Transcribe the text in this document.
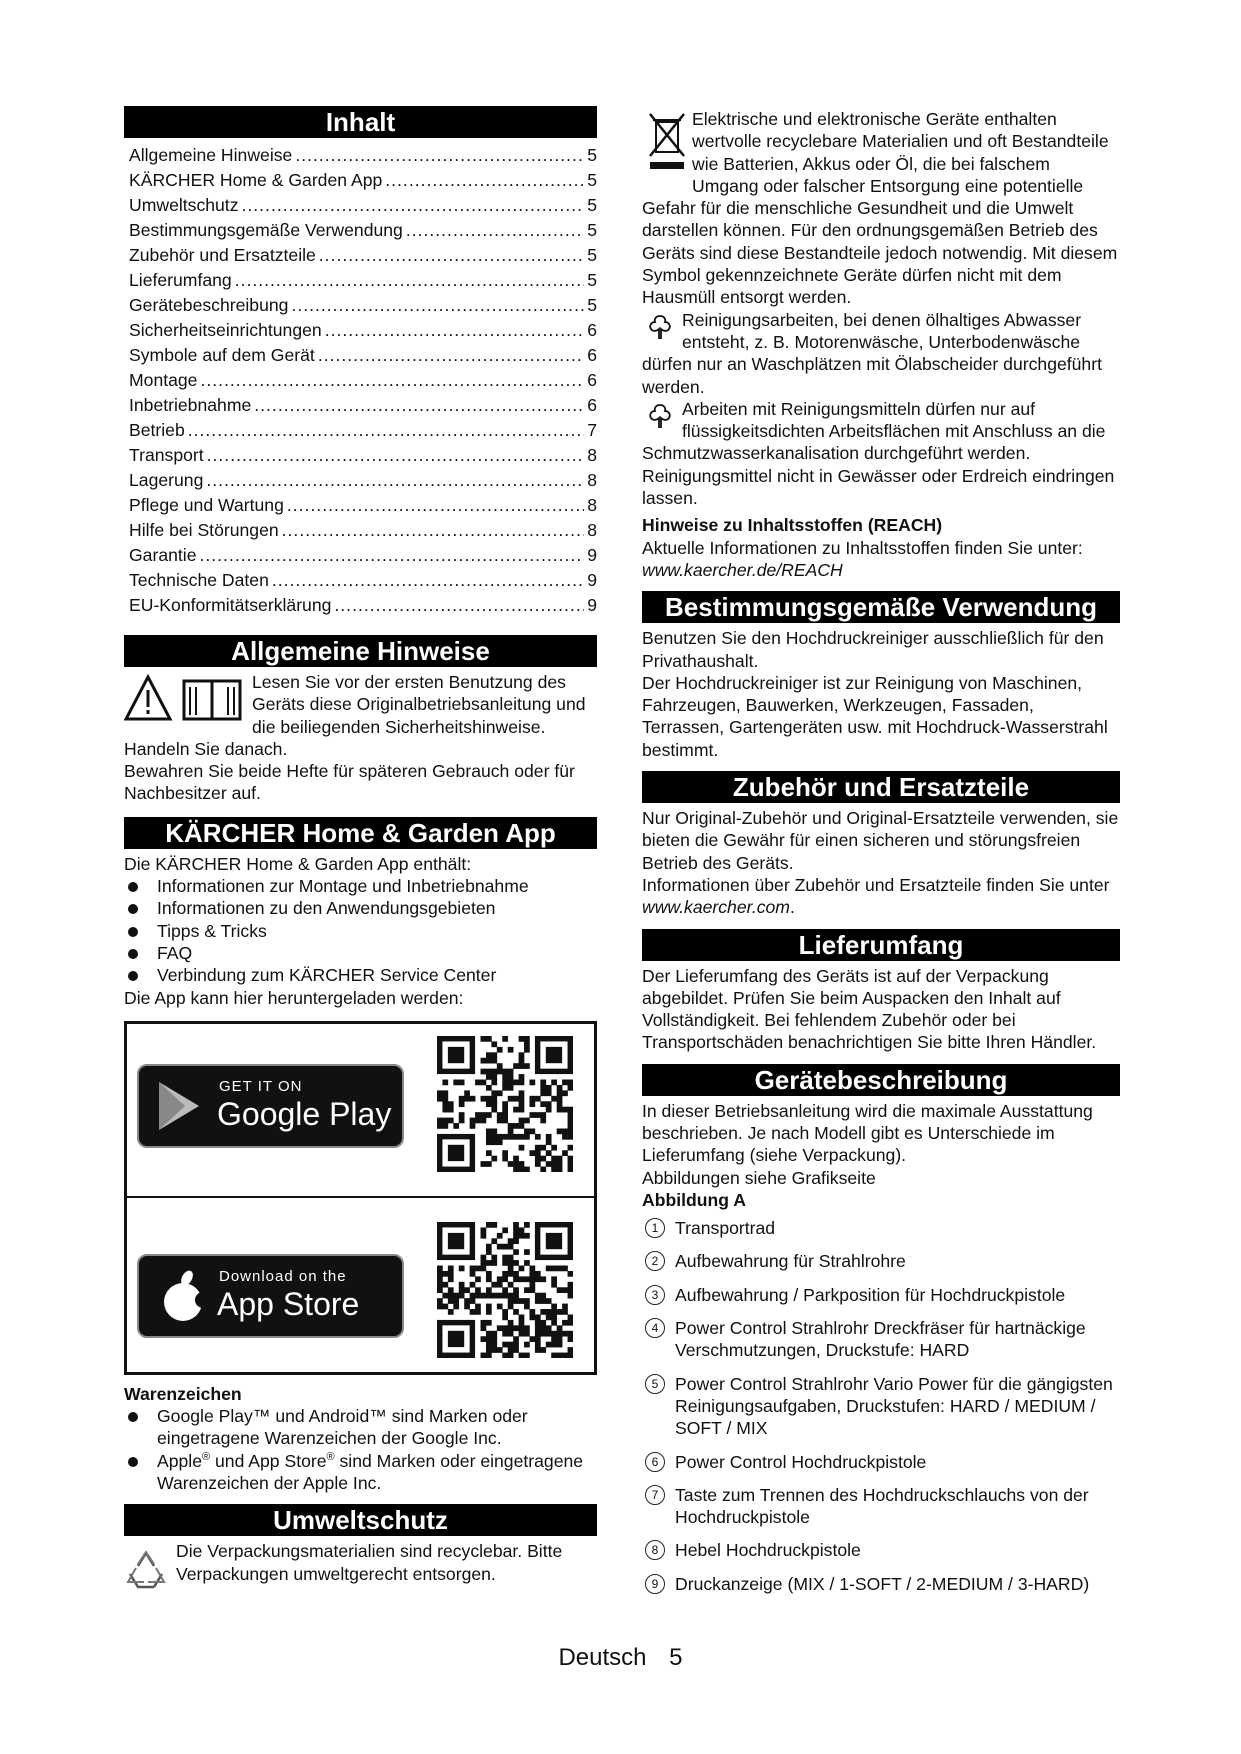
Inhalt
Allgemeine Hinweise .....	5
KÄRCHER Home & Garden App .....	5
Umweltschutz .....	5
Bestimmungsgemäße Verwendung .....	5
Zubehör und Ersatzteile .....	5
Lieferumfang .....	5
Gerätebeschreibung .....	5
Sicherheitseinrichtungen .....	6
Symbole auf dem Gerät .....	6
Montage .....	6
Inbetriebnahme .....	6
Betrieb .....	7
Transport .....	8
Lagerung .....	8
Pflege und Wartung .....	8
Hilfe bei Störungen .....	8
Garantie .....	9
Technische Daten .....	9
EU-Konformitätserklärung .....	9
Allgemeine Hinweise

Lesen Sie vor der ersten Benutzung des Geräts diese Originalbetriebsanleitung und die beiliegenden Sicherheitshinweise. Handeln Sie danach.

Bewahren Sie beide Hefte für späteren Gebrauch oder für Nachbesitzer auf.

KÄRCHER Home & Garden App

Die KÄRCHER Home & Garden App enthält:

Informationen zur Montage und Inbetriebnahme
Informationen zu den Anwendungsgebieten
Tipps & Tricks
FAQ
Verbindung zum KÄRCHER Service Center

Die App kann hier heruntergeladen werden:

GET IT ON
Google Play
Download on the
App Store

Warenzeichen

Google Play™ und Android™ sind Marken oder eingetragene Warenzeichen der Google Inc.
Apple® und App Store® sind Marken oder eingetragene Warenzeichen der Apple Inc.
Umweltschutz

Die Verpackungsmaterialien sind recyclebar. Bitte Verpackungen umweltgerecht entsorgen.

Elektrische und elektronische Geräte enthalten wertvolle recyclebare Materialien und oft Bestandteile wie Batterien, Akkus oder Öl, die bei falschem Umgang oder falscher Entsorgung eine potentielle Gefahr für die menschliche Gesundheit und die Umwelt darstellen können. Für den ordnungsgemäßen Betrieb des Geräts sind diese Bestandteile jedoch notwendig. Mit diesem Symbol gekennzeichnete Geräte dürfen nicht mit dem Hausmüll entsorgt werden.

Reinigungsarbeiten, bei denen ölhaltiges Abwasser entsteht, z. B. Motorenwäsche, Unterbodenwäsche dürfen nur an Waschplätzen mit Ölabscheider durchgeführt werden.

Arbeiten mit Reinigungsmitteln dürfen nur auf flüssigkeitsdichten Arbeitsflächen mit Anschluss an die Schmutzwasserkanalisation durchgeführt werden. Reinigungsmittel nicht in Gewässer oder Erdreich eindringen lassen.

Hinweise zu Inhaltsstoffen (REACH)

Aktuelle Informationen zu Inhaltsstoffen finden Sie unter: www.kaercher.de/REACH

Bestimmungsgemäße Verwendung

Benutzen Sie den Hochdruckreiniger ausschließlich für den Privathaushalt.

Der Hochdruckreiniger ist zur Reinigung von Maschinen, Fahrzeugen, Bauwerken, Werkzeugen, Fassaden, Terrassen, Gartengeräten usw. mit Hochdruck-Wasserstrahl bestimmt.

Zubehör und Ersatzteile

Nur Original-Zubehör und Original-Ersatzteile verwenden, sie bieten die Gewähr für einen sicheren und störungsfreien Betrieb des Geräts.

Informationen über Zubehör und Ersatzteile finden Sie unter www.kaercher.com.

Lieferumfang

Der Lieferumfang des Geräts ist auf der Verpackung abgebildet. Prüfen Sie beim Auspacken den Inhalt auf Vollständigkeit. Bei fehlendem Zubehör oder bei Transportschäden benachrichtigen Sie bitte Ihren Händler.

Gerätebeschreibung

In dieser Betriebsanleitung wird die maximale Ausstattung beschrieben. Je nach Modell gibt es Unterschiede im Lieferumfang (siehe Verpackung).

Abbildungen siehe Grafikseite

Abbildung A

1 Transportrad
2 Aufbewahrung für Strahlrohre
3 Aufbewahrung / Parkposition für Hochdruckpistole
4 Power Control Strahlrohr Dreckfräser für hartnäckige Verschmutzungen, Druckstufe: HARD
5 Power Control Strahlrohr Vario Power für die gängigsten Reinigungsaufgaben, Druckstufen: HARD / MEDIUM / SOFT / MIX
6 Power Control Hochdruckpistole
7 Taste zum Trennen des Hochdruckschlauchs von der Hochdruckpistole
8 Hebel Hochdruckpistole
9 Druckanzeige (MIX / 1-SOFT / 2-MEDIUM / 3-HARD)
Deutsch 5
